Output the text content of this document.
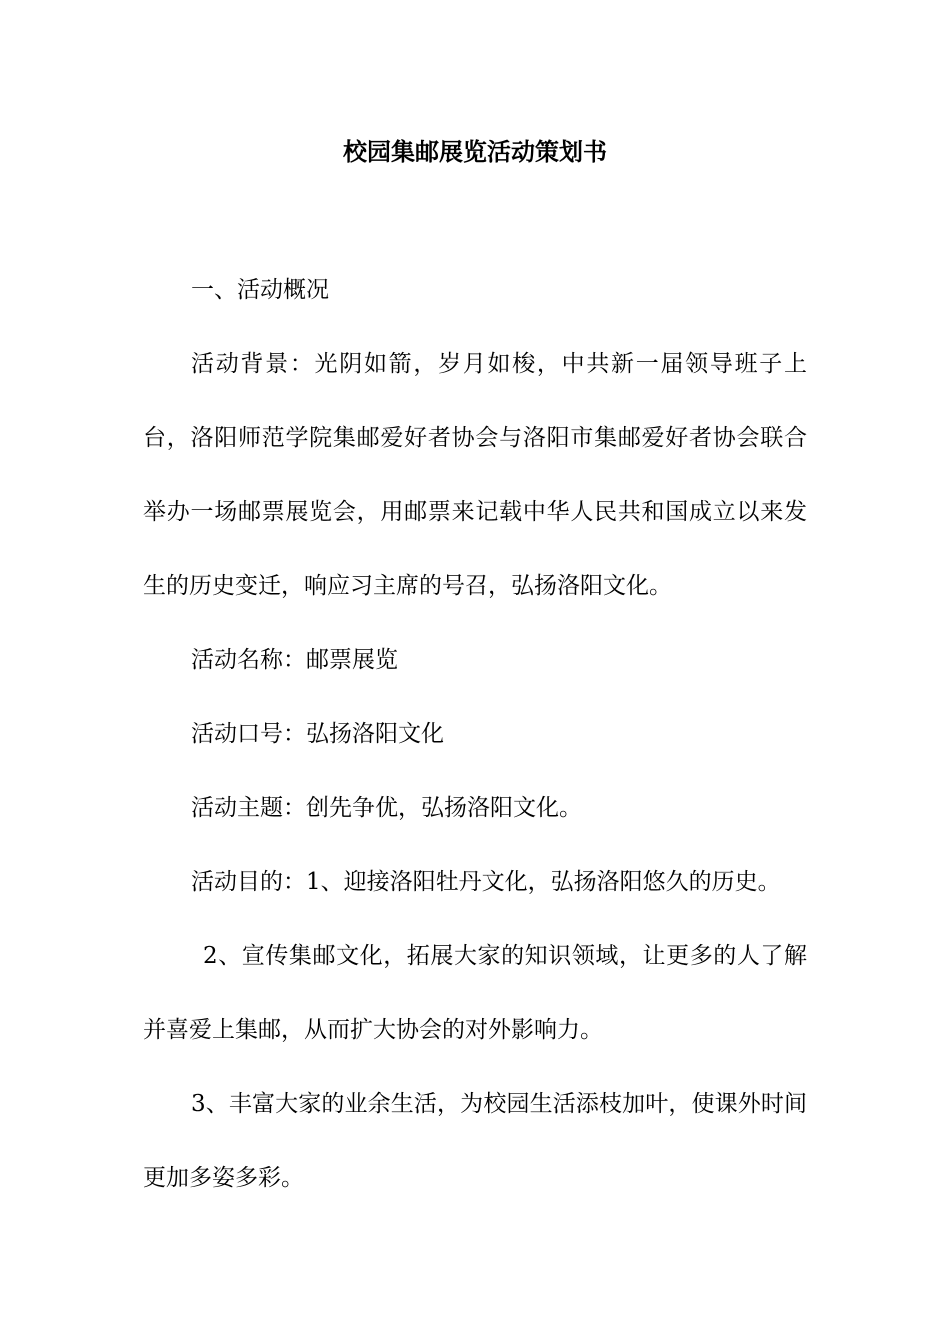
校园集邮展览活动策划书

一、活动概况

活动背景：光阴如箭，岁月如梭，中共新一届领导班子上台，洛阳师范学院集邮爱好者协会与洛阳市集邮爱好者协会联合举办一场邮票展览会，用邮票来记载中华人民共和国成立以来发生的历史变迁，响应习主席的号召，弘扬洛阳文化。

活动名称：邮票展览

活动口号：弘扬洛阳文化

活动主题：创先争优，弘扬洛阳文化。

活动目的：1、迎接洛阳牡丹文化，弘扬洛阳悠久的历史。

2、宣传集邮文化，拓展大家的知识领域，让更多的人了解并喜爱上集邮，从而扩大协会的对外影响力。

3、丰富大家的业余生活，为校园生活添枝加叶，使课外时间更加多姿多彩。
